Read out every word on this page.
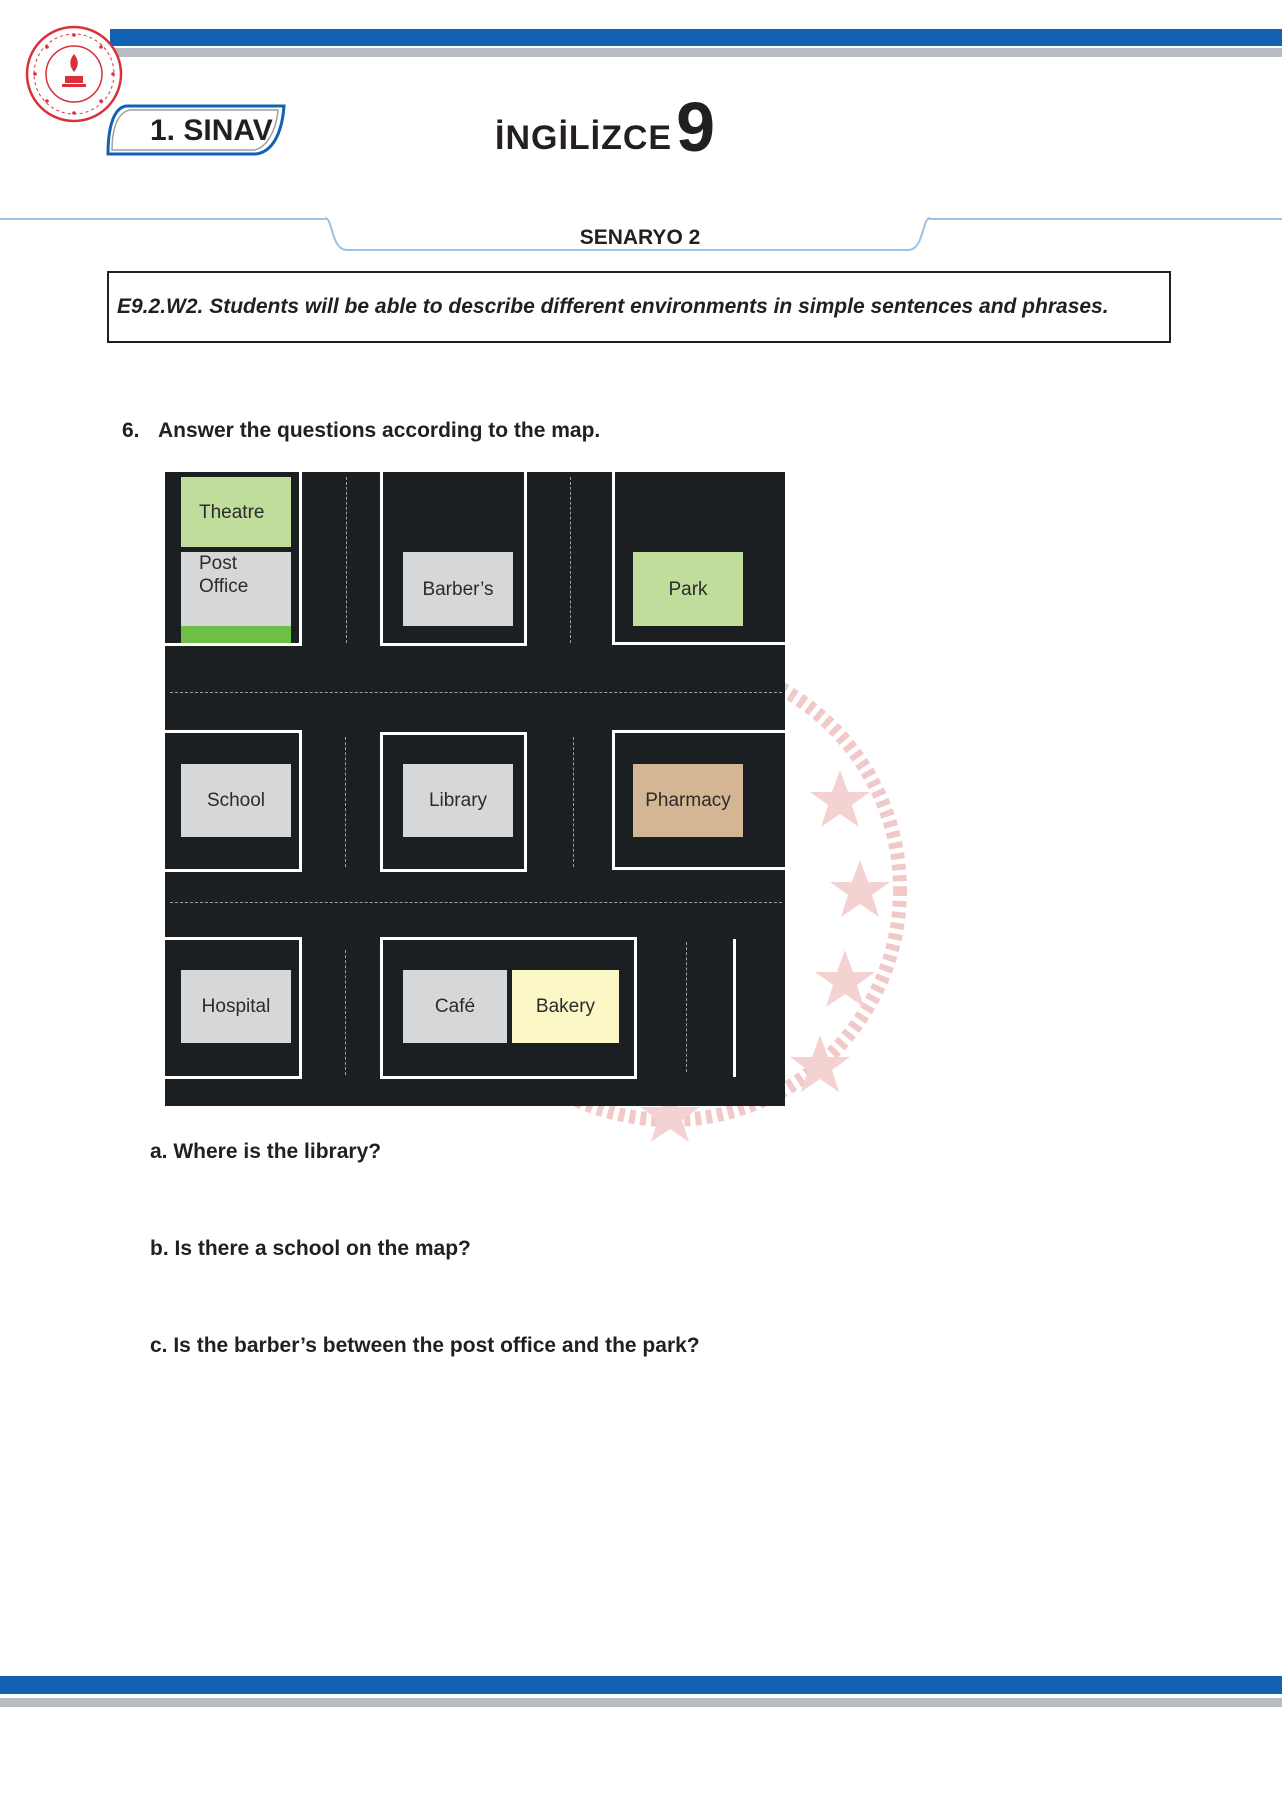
1. SINAV	İNGİLİZCE 9
SENARYO 2
E9.2.W2. Students will be able to describe different environments in simple sentences and phrases.
6. Answer the questions according to the map.
Theatre
Post
Office	Barber’s	Park
School	Library	Pharmacy
Hospital	Café	Bakery
a. Where is the library?
b. Is there a school on the map?
c. Is the barber’s between the post office and the park?
